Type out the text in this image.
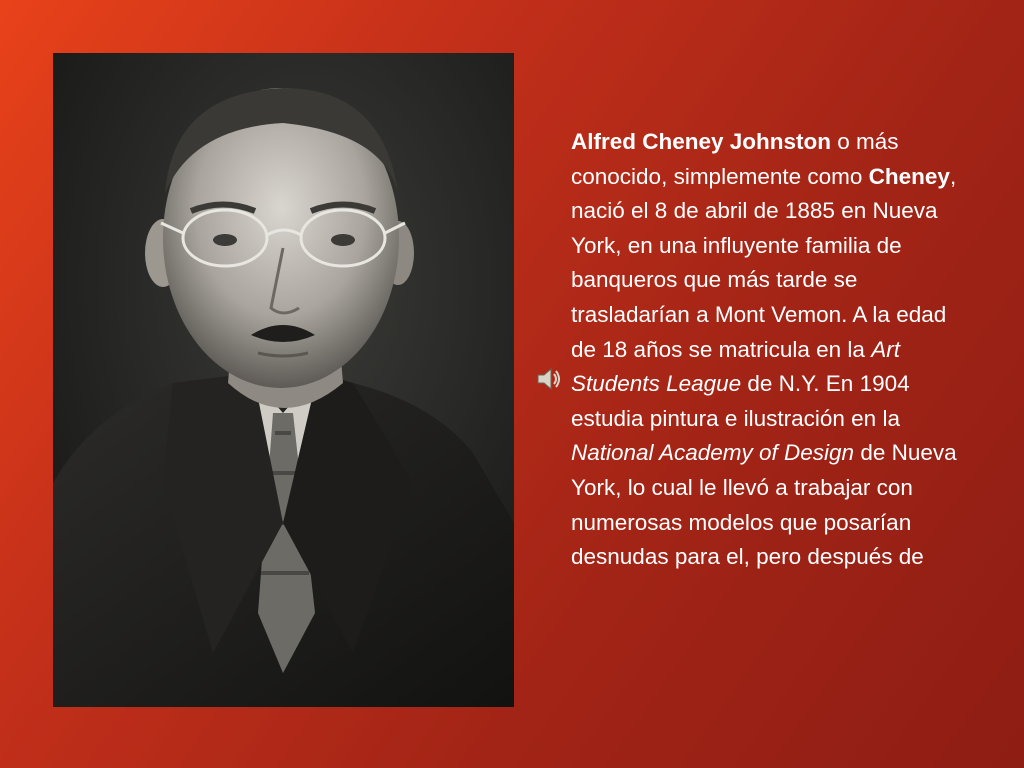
Alfred Cheney Johnston o más conocido, simplemente como Cheney, nació el 8 de abril de 1885 en Nueva York, en una influyente familia de banqueros que más tarde se trasladarían a Mont Vemon. A la edad de 18 años se matricula en la Art Students League de N.Y. En 1904 estudia pintura e ilustración en la National Academy of Design de Nueva York, lo cual le llevó a trabajar con numerosas modelos que posarían desnudas para el, pero después de
